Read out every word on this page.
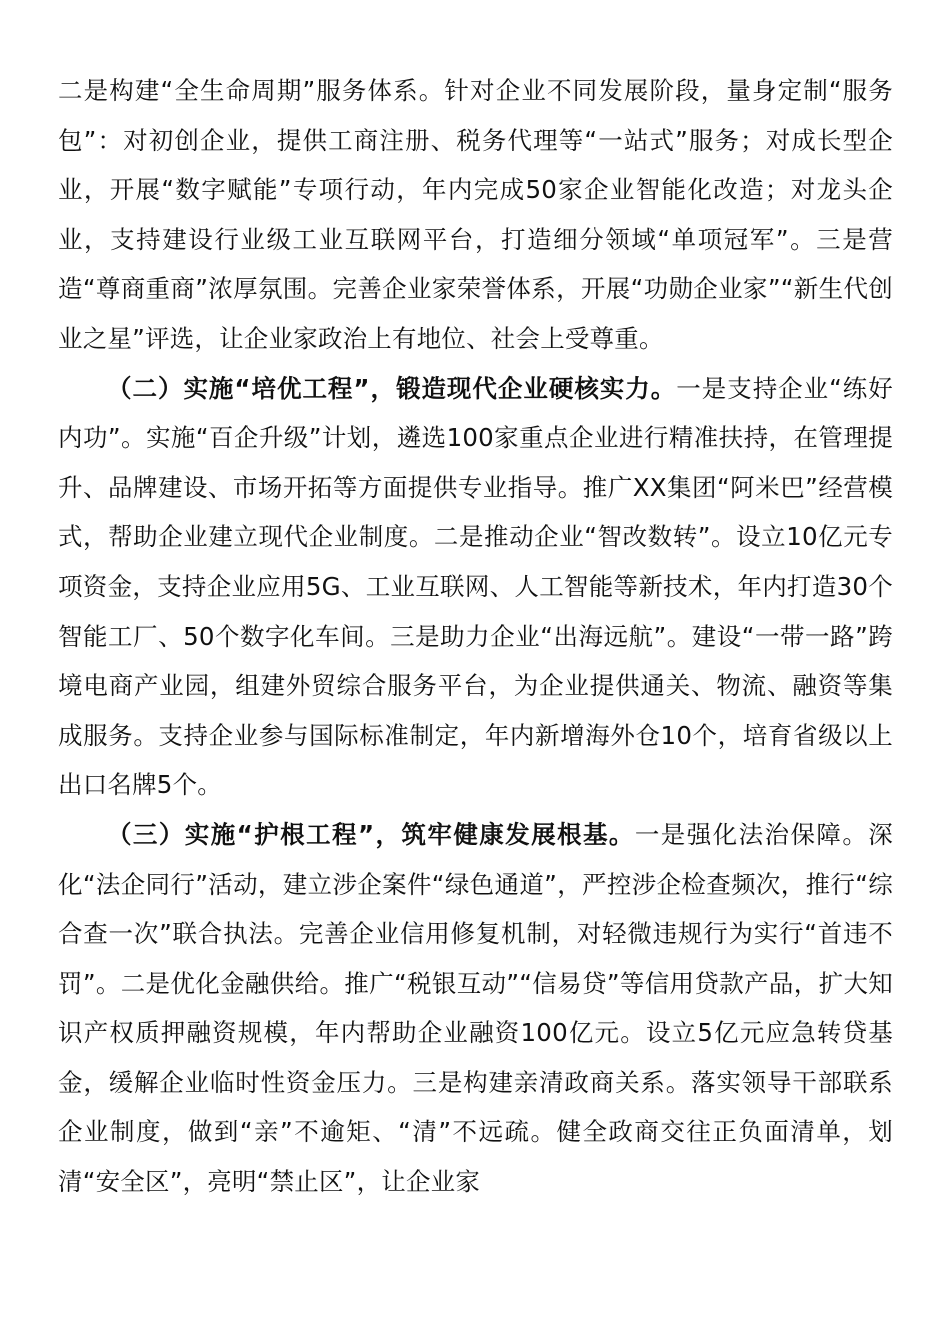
二是构建“全生命周期”服务体系。针对企业不同发展阶段，量身定制“服务包”：对初创企业，提供工商注册、税务代理等“一站式”服务；对成长型企业，开展“数字赋能”专项行动，年内完成50家企业智能化改造；对龙头企业，支持建设行业级工业互联网平台，打造细分领域“单项冠军”。三是营造“尊商重商”浓厚氛围。完善企业家荣誉体系，开展“功勋企业家”“新生代创业之星”评选，让企业家政治上有地位、社会上受尊重。

（二）实施“培优工程”，锻造现代企业硬核实力。一是支持企业“练好内功”。实施“百企升级”计划，遴选100家重点企业进行精准扶持，在管理提升、品牌建设、市场开拓等方面提供专业指导。推广XX集团“阿米巴”经营模式，帮助企业建立现代企业制度。二是推动企业“智改数转”。设立10亿元专项资金，支持企业应用5G、工业互联网、人工智能等新技术，年内打造30个智能工厂、50个数字化车间。三是助力企业“出海远航”。建设“一带一路”跨境电商产业园，组建外贸综合服务平台，为企业提供通关、物流、融资等集成服务。支持企业参与国际标准制定，年内新增海外仓10个，培育省级以上出口名牌5个。

（三）实施“护根工程”，筑牢健康发展根基。一是强化法治保障。深化“法企同行”活动，建立涉企案件“绿色通道”，严控涉企检查频次，推行“综合查一次”联合执法。完善企业信用修复机制，对轻微违规行为实行“首违不罚”。二是优化金融供给。推广“税银互动”“信易贷”等信用贷款产品，扩大知识产权质押融资规模，年内帮助企业融资100亿元。设立5亿元应急转贷基金，缓解企业临时性资金压力。三是构建亲清政商关系。落实领导干部联系企业制度，做到“亲”不逾矩、“清”不远疏。健全政商交往正负面清单，划清“安全区”，亮明“禁止区”，让企业家
